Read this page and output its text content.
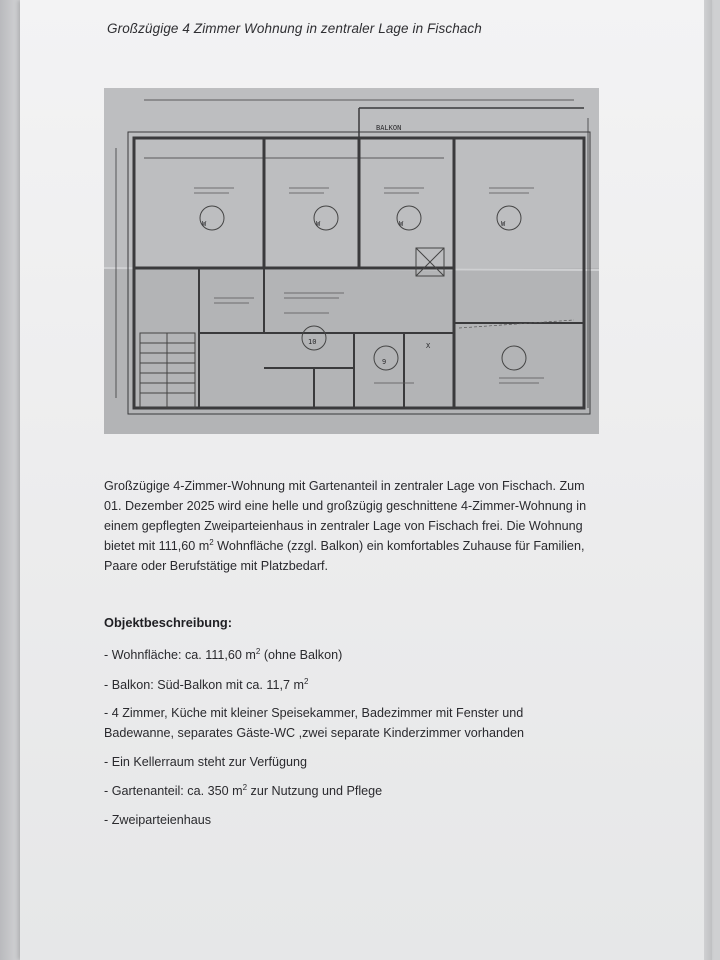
Großzügige 4 Zimmer Wohnung in zentraler Lage in Fischach
BALKON
W	W	W	W
10
9
X
Großzügige 4-Zimmer-Wohnung mit Gartenanteil in zentraler Lage von Fischach. Zum
01. Dezember 2025 wird eine helle und großzügig geschnittene 4-Zimmer-Wohnung in
einem gepflegten Zweiparteienhaus in zentraler Lage von Fischach frei. Die Wohnung
bietet mit 111,60 $m^2$ Wohnfläche (zzgl. Balkon) ein komfortables Zuhause für Familien,
Paare oder Berufstätige mit Platzbedarf.
Objektbeschreibung:
- Wohnfläche: ca. 111,60 $m^2$ (ohne Balkon)
- Balkon: Süd-Balkon mit ca. 11,7 $m^2$
- 4 Zimmer, Küche mit kleiner Speisekammer, Badezimmer mit Fenster und
Badewanne, separates Gäste-WC ,zwei separate Kinderzimmer vorhanden
- Ein Kellerraum steht zur Verfügung
- Gartenanteil: ca. 350 $m^2$ zur Nutzung und Pflege
- Zweiparteienhaus
